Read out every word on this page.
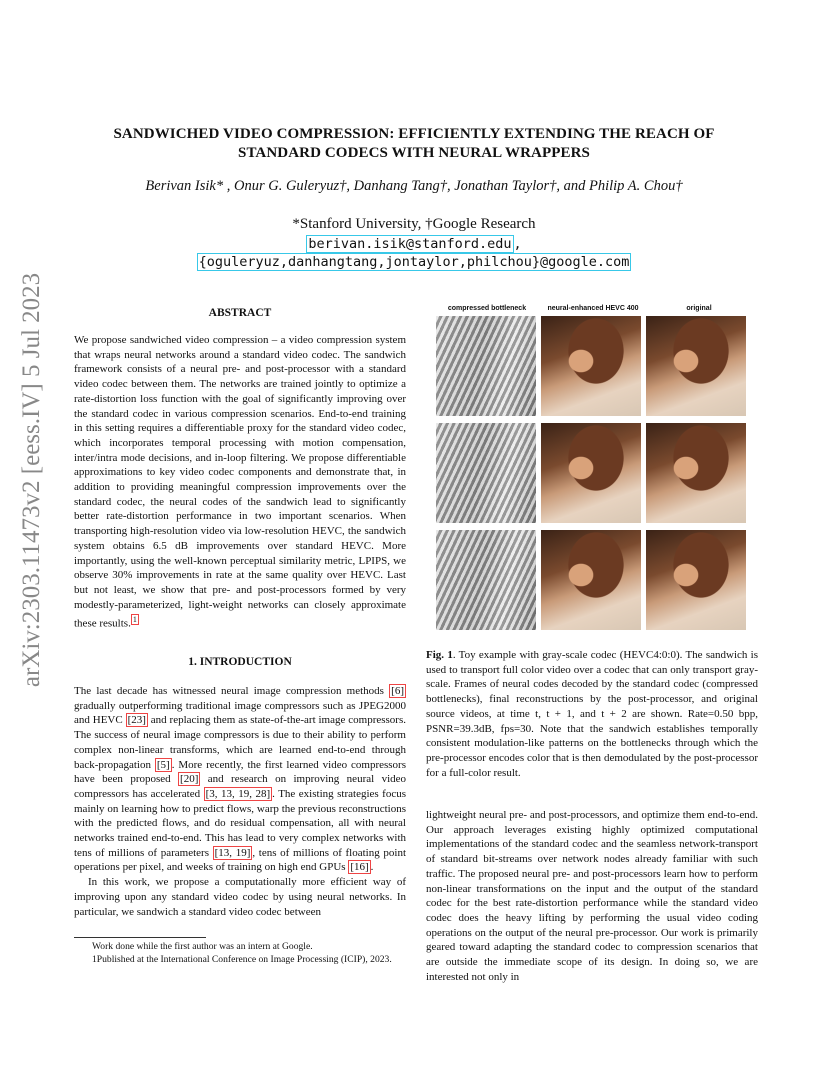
SANDWICHED VIDEO COMPRESSION: EFFICIENTLY EXTENDING THE REACH OF
STANDARD CODECS WITH NEURAL WRAPPERS
Berivan Isik* , Onur G. Guleryuz†, Danhang Tang†, Jonathan Taylor†, and Philip A. Chou†
*Stanford University, †Google Research
berivan.isik@stanford.edu ,
{oguleryuz,danhangtang,jontaylor,philchou}@google.com
arXiv:2303.11473v2 [eess.IV] 5 Jul 2023	ABSTRACT

We propose sandwiched video compression – a video compression system that wraps neural networks around a standard video codec. The sandwich framework consists of a neural pre- and post-processor with a standard video codec between them. The networks are trained jointly to optimize a rate-distortion loss function with the goal of significantly improving over the standard codec in various compression scenarios. End-to-end training in this setting requires a differentiable proxy for the standard video codec, which incorporates temporal processing with motion compensation, inter/intra mode decisions, and in-loop filtering. We propose differentiable approximations to key video codec components and demonstrate that, in addition to providing meaningful compression improvements over the standard codec, the neural codes of the sandwich lead to significantly better rate-distortion performance in two important scenarios. When transporting high-resolution video via low-resolution HEVC, the sandwich system obtains 6.5 dB improvements over standard HEVC. More importantly, using the well-known perceptual similarity metric, LPIPS, we observe 30% improvements in rate at the same quality over HEVC. Last but not least, we show that pre- and post-processors formed by very modestly-parameterized, light-weight networks can closely approximate these results. $^1$

1. INTRODUCTION

The last decade has witnessed neural image compression methods [6] gradually outperforming traditional image compressors such as JPEG2000 and HEVC [23] and replacing them as state-of-the-art image compressors. The success of neural image compressors is due to their ability to perform complex non-linear transforms, which are learned end-to-end through back-propagation [5] . More recently, the first learned video compressors have been proposed [20] and research on improving neural video compressors has accelerated [3, 13, 19, 28] . The existing strategies focus mainly on learning how to predict flows, warp the previous reconstructions with the predicted flows, and do residual compensation, all with neural networks trained end-to-end. This has lead to very complex networks with tens of millions of parameters [13, 19] , tens of millions of floating point operations per pixel, and weeks of training on high end GPUs [16] .

In this work, we propose a computationally more efficient way of improving upon any standard video codec by using neural networks. In particular, we sandwich a standard video codec between

Work done while the first author was an intern at Google.

1Published at the International Conference on Image Processing (ICIP), 2023.

compressed bottleneck	neural-enhanced HEVC 400	original
Fig. 1. Toy example with gray-scale codec (HEVC4:0:0). The sandwich is used to transport full color video over a codec that can only transport gray-scale. Frames of neural codes decoded by the standard codec (compressed bottlenecks), final reconstructions by the post-processor, and original source videos, at time t, t + 1, and t + 2 are shown. Rate=0.50 bpp, PSNR=39.3dB, fps=30. Note that the sandwich establishes temporally consistent modulation-like patterns on the bottlenecks through which the pre-processor encodes color that is then demodulated by the post-processor for a full-color result.

lightweight neural pre- and post-processors, and optimize them end-to-end. Our approach leverages existing highly optimized computational implementations of the standard codec and the seamless network-transport of standard bit-streams over network nodes already familiar with such traffic. The proposed neural pre- and post-processors learn how to perform non-linear transformations on the input and the output of the standard codec for the best rate-distortion performance while the standard video codec does the heavy lifting by performing the usual video coding operations on the output of the neural pre-processor. Our work is primarily geared toward adapting the standard codec to compression scenarios that are outside the immediate scope of its design. In doing so, we are interested not only in
